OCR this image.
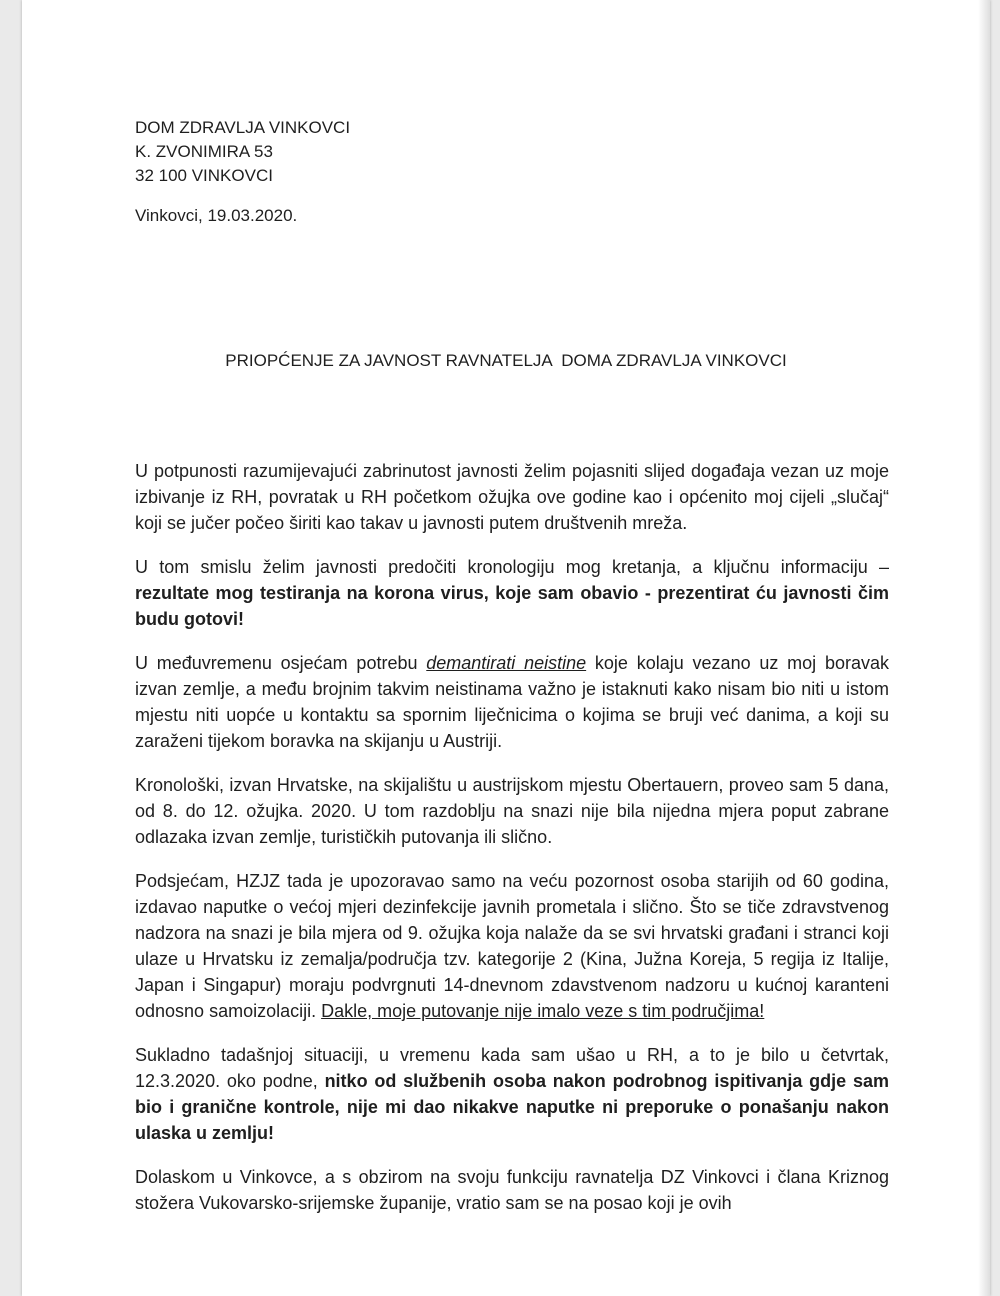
DOM ZDRAVLJA VINKOVCI
K. ZVONIMIRA 53
32 100 VINKOVCI
Vinkovci, 19.03.2020.
PRIOPĆENJE ZA JAVNOST RAVNATELJA  DOMA ZDRAVLJA VINKOVCI

U potpunosti razumijevajući zabrinutost javnosti želim pojasniti slijed događaja vezan uz moje izbivanje iz RH, povratak u RH početkom ožujka ove godine kao i općenito moj cijeli „slučaj“ koji se jučer počeo širiti kao takav u javnosti putem društvenih mreža.

U tom smislu želim javnosti predočiti kronologiju mog kretanja, a ključnu informaciju – rezultate mog testiranja na korona virus, koje sam obavio - prezentirat ću javnosti čim budu gotovi!

U međuvremenu osjećam potrebu demantirati neistine koje kolaju vezano uz moj boravak izvan zemlje, a među brojnim takvim neistinama važno je istaknuti kako nisam bio niti u istom mjestu niti uopće u kontaktu sa spornim liječnicima o kojima se bruji već danima, a koji su zaraženi tijekom boravka na skijanju u Austriji.

Kronološki, izvan Hrvatske, na skijalištu u austrijskom mjestu Obertauern, proveo sam 5 dana, od 8. do 12. ožujka. 2020. U tom razdoblju na snazi nije bila nijedna mjera poput zabrane odlazaka izvan zemlje, turističkih putovanja ili slično.

Podsjećam, HZJZ tada je upozoravao samo na veću pozornost osoba starijih od 60 godina, izdavao naputke o većoj mjeri dezinfekcije javnih prometala i slično. Što se tiče zdravstvenog nadzora na snazi je bila mjera od 9. ožujka koja nalaže da se svi hrvatski građani i stranci koji ulaze u Hrvatsku iz zemalja/područja tzv. kategorije 2 (Kina, Južna Koreja, 5 regija iz Italije, Japan i Singapur) moraju podvrgnuti 14-dnevnom zdavstvenom nadzoru u kućnoj karanteni odnosno samoizolaciji. Dakle, moje putovanje nije imalo veze s tim područjima!

Sukladno tadašnjoj situaciji, u vremenu kada sam ušao u RH, a to je bilo u četvrtak, 12.3.2020. oko podne, nitko od službenih osoba nakon podrobnog ispitivanja gdje sam bio i granične kontrole, nije mi dao nikakve naputke ni preporuke o ponašanju nakon ulaska u zemlju!

Dolaskom u Vinkovce, a s obzirom na svoju funkciju ravnatelja DZ Vinkovci i člana Kriznog stožera Vukovarsko-srijemske županije, vratio sam se na posao koji je ovih
